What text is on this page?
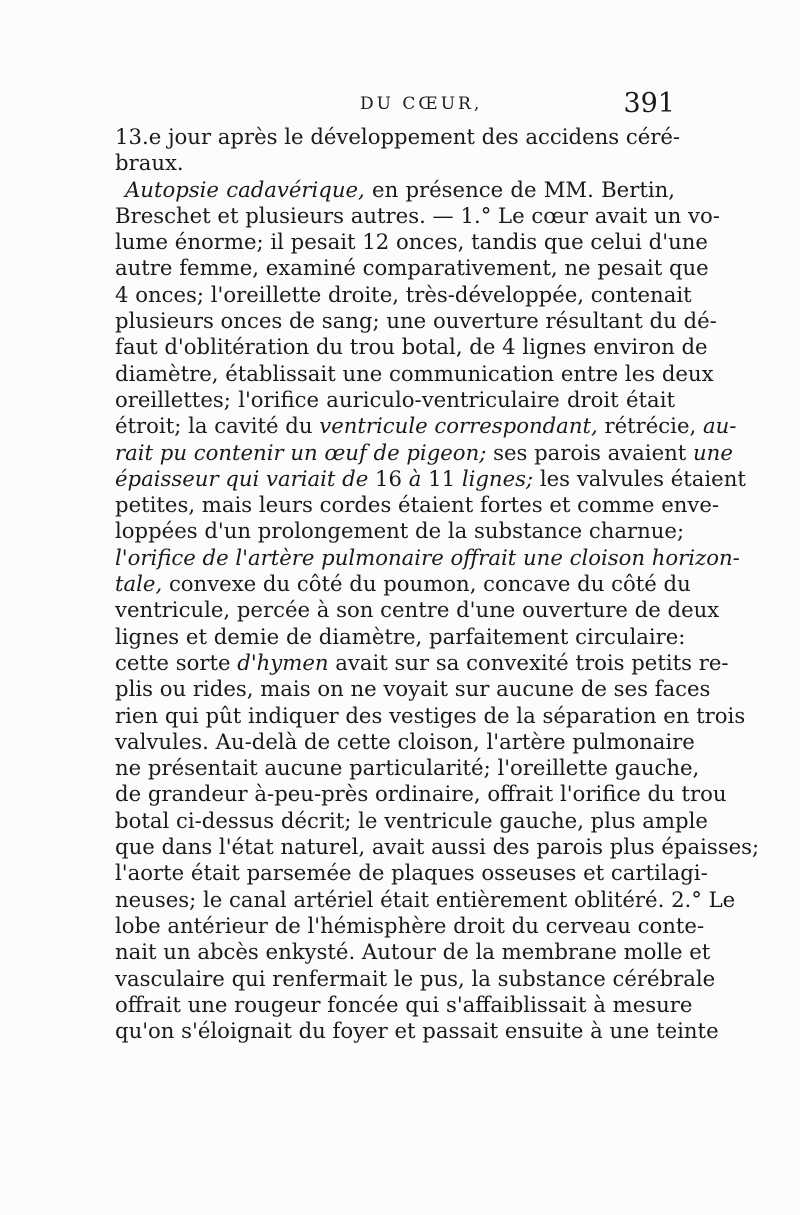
DU CŒUR,	391
13.e jour après le développement des accidens céré-
braux.
Autopsie cadavérique, en présence de MM. Bertin,
Breschet et plusieurs autres. — 1.° Le cœur avait un vo-
lume énorme; il pesait 12 onces, tandis que celui d'une
autre femme, examiné comparativement, ne pesait que
4 onces; l'oreillette droite, très-développée, contenait
plusieurs onces de sang; une ouverture résultant du dé-
faut d'oblitération du trou botal, de 4 lignes environ de
diamètre, établissait une communication entre les deux
oreillettes; l'orifice auriculo-ventriculaire droit était
étroit; la cavité du ventricule correspondant, rétrécie, au-
rait pu contenir un œuf de pigeon; ses parois avaient une
épaisseur qui variait de 16 à 11 lignes; les valvules étaient
petites, mais leurs cordes étaient fortes et comme enve-
loppées d'un prolongement de la substance charnue;
l'orifice de l'artère pulmonaire offrait une cloison horizon-
tale, convexe du côté du poumon, concave du côté du
ventricule, percée à son centre d'une ouverture de deux
lignes et demie de diamètre, parfaitement circulaire:
cette sorte d'hymen avait sur sa convexité trois petits re-
plis ou rides, mais on ne voyait sur aucune de ses faces
rien qui pût indiquer des vestiges de la séparation en trois
valvules. Au-delà de cette cloison, l'artère pulmonaire
ne présentait aucune particularité; l'oreillette gauche,
de grandeur à-peu-près ordinaire, offrait l'orifice du trou
botal ci-dessus décrit; le ventricule gauche, plus ample
que dans l'état naturel, avait aussi des parois plus épaisses;
l'aorte était parsemée de plaques osseuses et cartilagi-
neuses; le canal artériel était entièrement oblitéré. 2.° Le
lobe antérieur de l'hémisphère droit du cerveau conte-
nait un abcès enkysté. Autour de la membrane molle et
vasculaire qui renfermait le pus, la substance cérébrale
offrait une rougeur foncée qui s'affaiblissait à mesure
qu'on s'éloignait du foyer et passait ensuite à une teinte
